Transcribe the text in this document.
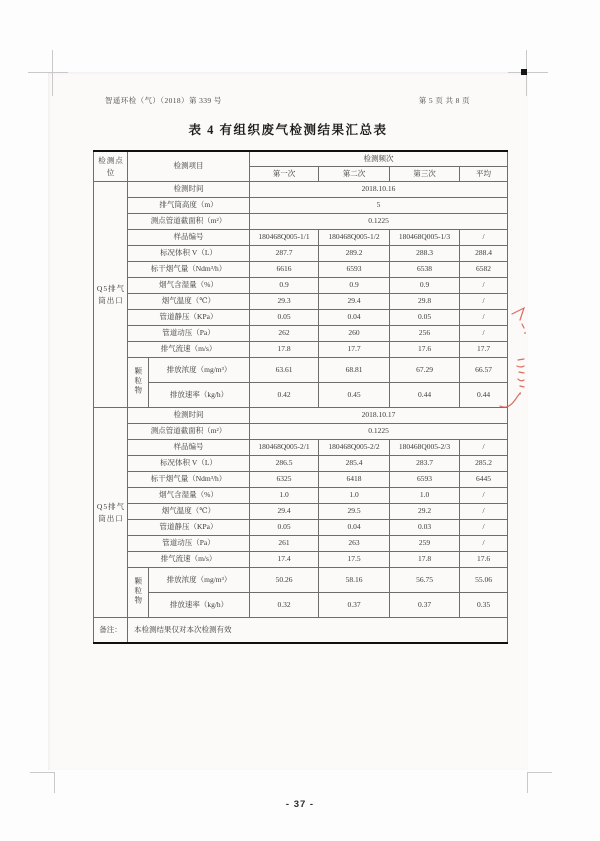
智遥环检（气）（2018）第 339 号	第 5 页 共 8 页
表 4 有组织废气检测结果汇总表
检测点位	检测项目		检测频次			
			第一次	第二次	第三次	平均
Q5排气筒出口	检测时间		2018.10.16			
	排气筒高度（m）		5			
	测点管道截面积（m²）		0.1225			
	样品编号		180468Q005-1/1	180468Q005-1/2	180468Q005-1/3	/
	标况体积 V（L）		287.7	289.2	288.3	288.4
	标干烟气量（Ndm³/h）		6616	6593	6538	6582
	烟气含湿量（%）		0.9	0.9	0.9	/
	烟气温度（℃）		29.3	29.4	29.8	/
	管道静压（KPa）		0.05	0.04	0.05	/
	管道动压（Pa）		262	260	256	/
	排气流速（m/s）		17.8	17.7	17.6	17.7
	颗粒物	排放浓度（mg/m³）	63.61	68.81	67.29	66.57
		排放速率（kg/h）	0.42	0.45	0.44	0.44
Q5排气筒出口	检测时间		2018.10.17			
	测点管道截面积（m²）		0.1225			
	样品编号		180468Q005-2/1	180468Q005-2/2	180468Q005-2/3	/
	标况体积 V（L）		286.5	285.4	283.7	285.2
	标干烟气量（Ndm³/h）		6325	6418	6593	6445
	烟气含湿量（%）		1.0	1.0	1.0	/
	烟气温度（℃）		29.4	29.5	29.2	/
	管道静压（KPa）		0.05	0.04	0.03	/
	管道动压（Pa）		261	263	259	/
	排气流速（m/s）		17.4	17.5	17.8	17.6
	颗粒物	排放浓度（mg/m³）	50.26	58.16	56.75	55.06
		排放速率（kg/h）	0.32	0.37	0.37	0.35
备注：	本检测结果仅对本次检测有效					
- 37 -
